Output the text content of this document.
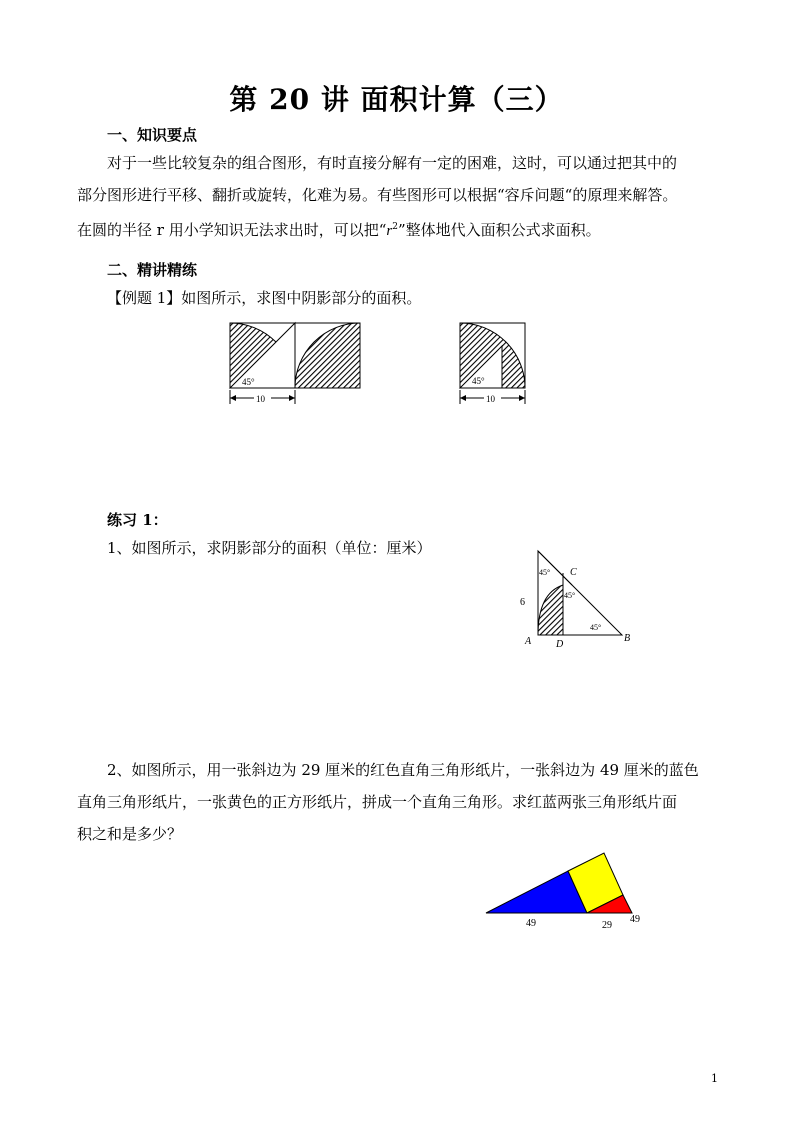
第 20 讲 面积计算（三）
一、知识要点
对于一些比较复杂的组合图形，有时直接分解有一定的困难，这时，可以通过把其中的
部分图形进行平移、翻折或旋转，化难为易。有些图形可以根据“容斥问题“的原理来解答。
在圆的半径 r 用小学知识无法求出时，可以把“$r^2$”整体地代入面积公式求面积。
二、精讲精练
【例题 1】如图所示，求图中阴影部分的面积。
45°
10
45°
10
练习 1：
1、如图所示，求阴影部分的面积（单位：厘米）
6
A D
B
C
45°
45°
45°
2、如图所示，用一张斜边为 29 厘米的红色直角三角形纸片，一张斜边为 49 厘米的蓝色
直角三角形纸片，一张黄色的正方形纸片，拼成一个直角三角形。求红蓝两张三角形纸片面
积之和是多少？
49	29
49
1
